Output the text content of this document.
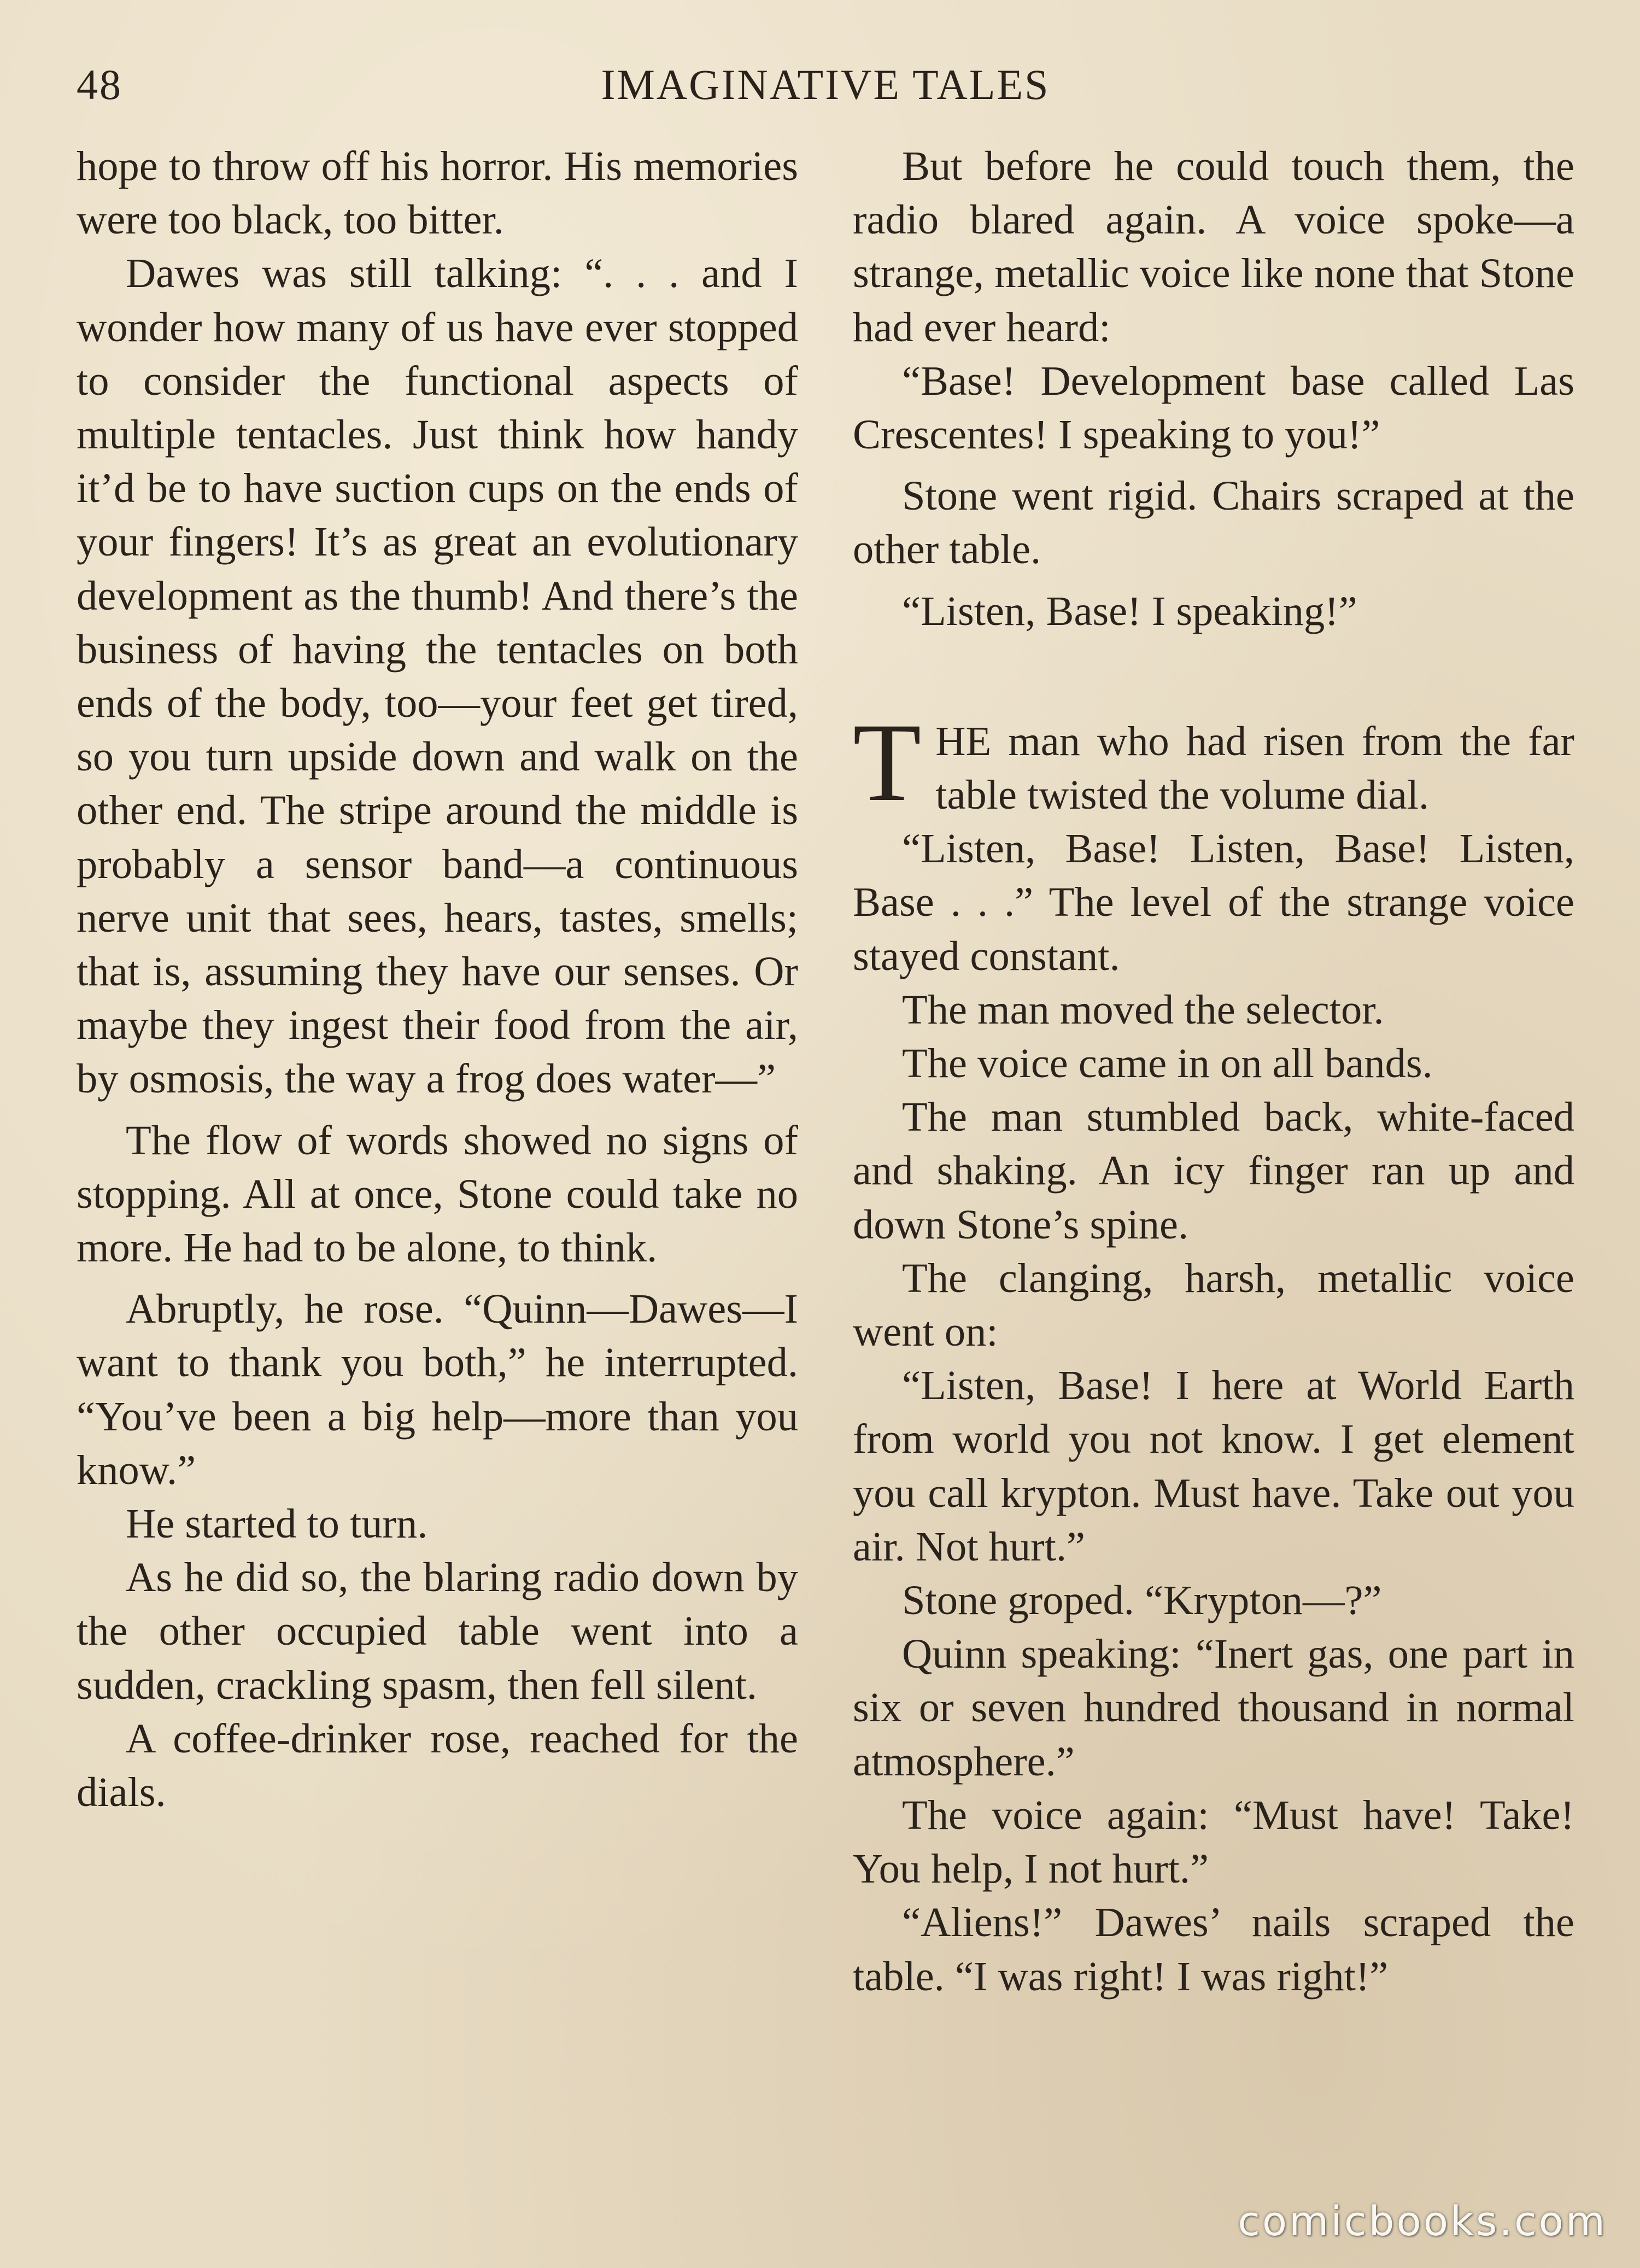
48	IMAGINATIVE TALES

hope to throw off his horror. His memories were too black, too bitter.

Dawes was still talking: “. . . and I wonder how many of us have ever stopped to consider the functional aspects of multiple tentacles. Just think how handy it’d be to have suction cups on the ends of your fingers! It’s as great an evolutionary development as the thumb! And there’s the business of having the tentacles on both ends of the body, too—your feet get tired, so you turn upside down and walk on the other end. The stripe around the middle is probably a sensor band—a continuous nerve unit that sees, hears, tastes, smells; that is, assuming they have our senses. Or maybe they ingest their food from the air, by osmosis, the way a frog does water—”

The flow of words showed no signs of stopping. All at once, Stone could take no more. He had to be alone, to think.

Abruptly, he rose. “Quinn—Dawes—I want to thank you both,” he interrupted. “You’ve been a big help—more than you know.”

He started to turn.

As he did so, the blaring radio down by the other occupied table went into a sudden, crackling spasm, then fell silent.

A coffee-drinker rose, reached for the dials.

But before he could touch them, the radio blared again. A voice spoke—a strange, metallic voice like none that Stone had ever heard:

“Base! Development base called Las Crescentes! I speaking to you!”

Stone went rigid. Chairs scraped at the other table.

“Listen, Base! I speaking!”

THE man who had risen from the far table twisted the volume dial.

“Listen, Base! Listen, Base! Listen, Base . . .” The level of the strange voice stayed constant.

The man moved the selector.

The voice came in on all bands.

The man stumbled back, white-faced and shaking. An icy finger ran up and down Stone’s spine.

The clanging, harsh, metallic voice went on:

“Listen, Base! I here at World Earth from world you not know. I get element you call krypton. Must have. Take out you air. Not hurt.”

Stone groped. “Krypton—?”

Quinn speaking: “Inert gas, one part in six or seven hundred thousand in normal atmosphere.”

The voice again: “Must have! Take! You help, I not hurt.”

“Aliens!” Dawes’ nails scraped the table. “I was right! I was right!”

comicbooks.com
